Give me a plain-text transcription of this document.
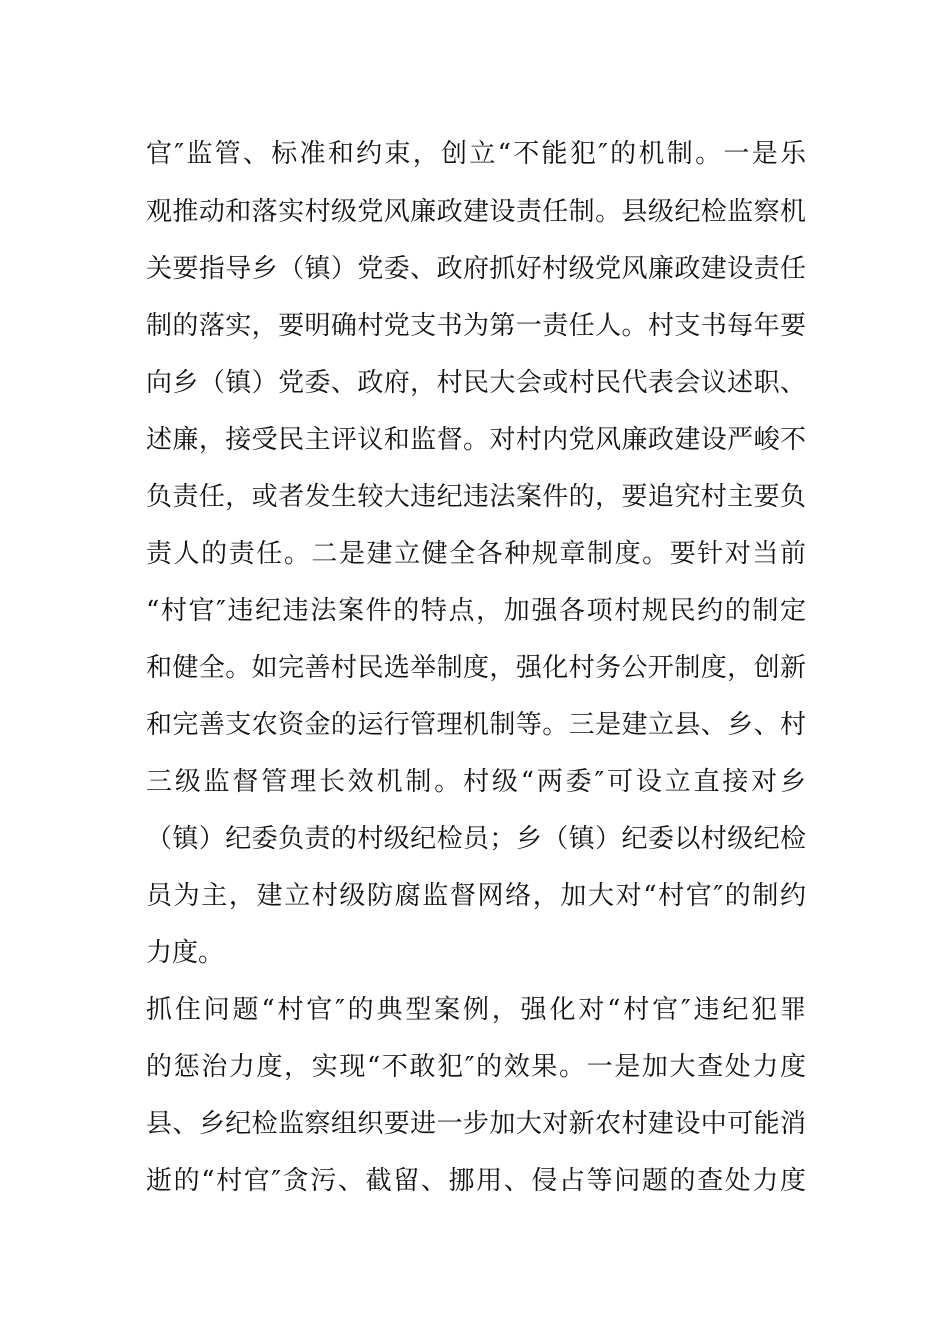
官″监管、标准和约束，创立“不能犯″的机制。一是乐
观推动和落实村级党风廉政建设责任制。县级纪检监察机
关要指导乡（镇）党委、政府抓好村级党风廉政建设责任
制的落实，要明确村党支书为第一责任人。村支书每年要
向乡（镇）党委、政府，村民大会或村民代表会议述职、
述廉，接受民主评议和监督。对村内党风廉政建设严峻不
负责任，或者发生较大违纪违法案件的，要追究村主要负
责人的责任。二是建立健全各种规章制度。要针对当前
“村官″违纪违法案件的特点，加强各项村规民约的制定
和健全。如完善村民选举制度，强化村务公开制度，创新
和完善支农资金的运行管理机制等。三是建立县、乡、村
三级监督管理长效机制。村级“两委″可设立直接对乡
（镇）纪委负责的村级纪检员；乡（镇）纪委以村级纪检
员为主，建立村级防腐监督网络，加大对“村官″的制约
力度。
抓住问题“村官″的典型案例，强化对“村官″违纪犯罪
的惩治力度，实现“不敢犯″的效果。一是加大查处力度
县、乡纪检监察组织要进一步加大对新农村建设中可能消
逝的“村官″贪污、截留、挪用、侵占等问题的查处力度
